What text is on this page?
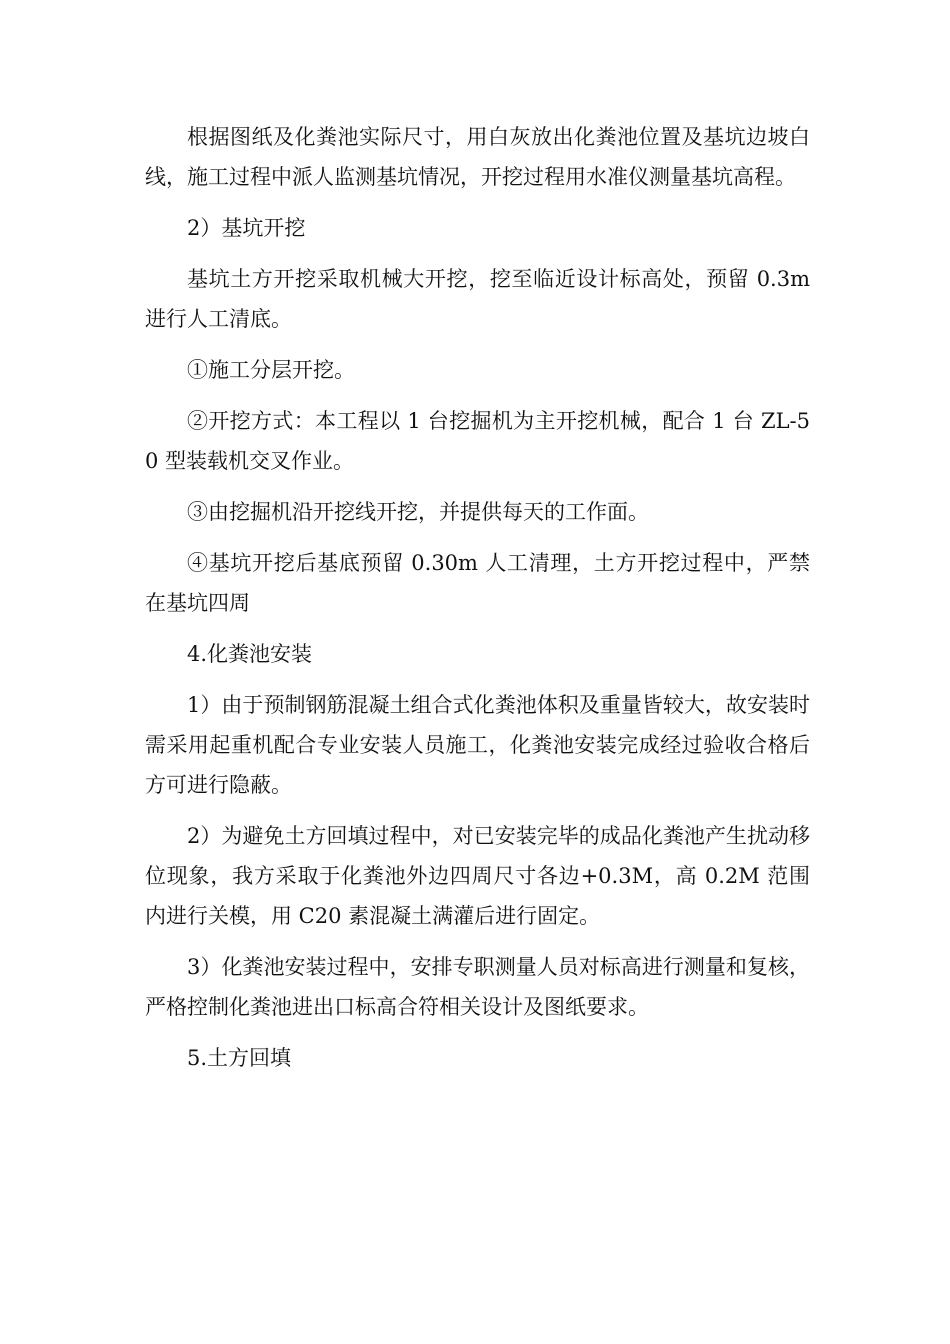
根据图纸及化粪池实际尺寸，用白灰放出化粪池位置及基坑边坡白线，施工过程中派人监测基坑情况，开挖过程用水准仪测量基坑高程。

2）基坑开挖

基坑土方开挖采取机械大开挖，挖至临近设计标高处，预留 0.3m 进行人工清底。

①施工分层开挖。

②开挖方式：本工程以 1 台挖掘机为主开挖机械，配合 1 台 ZL-50 型装载机交叉作业。

③由挖掘机沿开挖线开挖，并提供每天的工作面。

④基坑开挖后基底预留 0.30m 人工清理，土方开挖过程中，严禁在基坑四周

4.化粪池安装

1）由于预制钢筋混凝土组合式化粪池体积及重量皆较大，故安装时需采用起重机配合专业安装人员施工，化粪池安装完成经过验收合格后方可进行隐蔽。

2）为避免土方回填过程中，对已安装完毕的成品化粪池产生扰动移位现象，我方采取于化粪池外边四周尺寸各边+0.3M，高 0.2M 范围内进行关模，用 C20 素混凝土满灌后进行固定。

3）化粪池安装过程中，安排专职测量人员对标高进行测量和复核，严格控制化粪池进出口标高合符相关设计及图纸要求。

5.土方回填
